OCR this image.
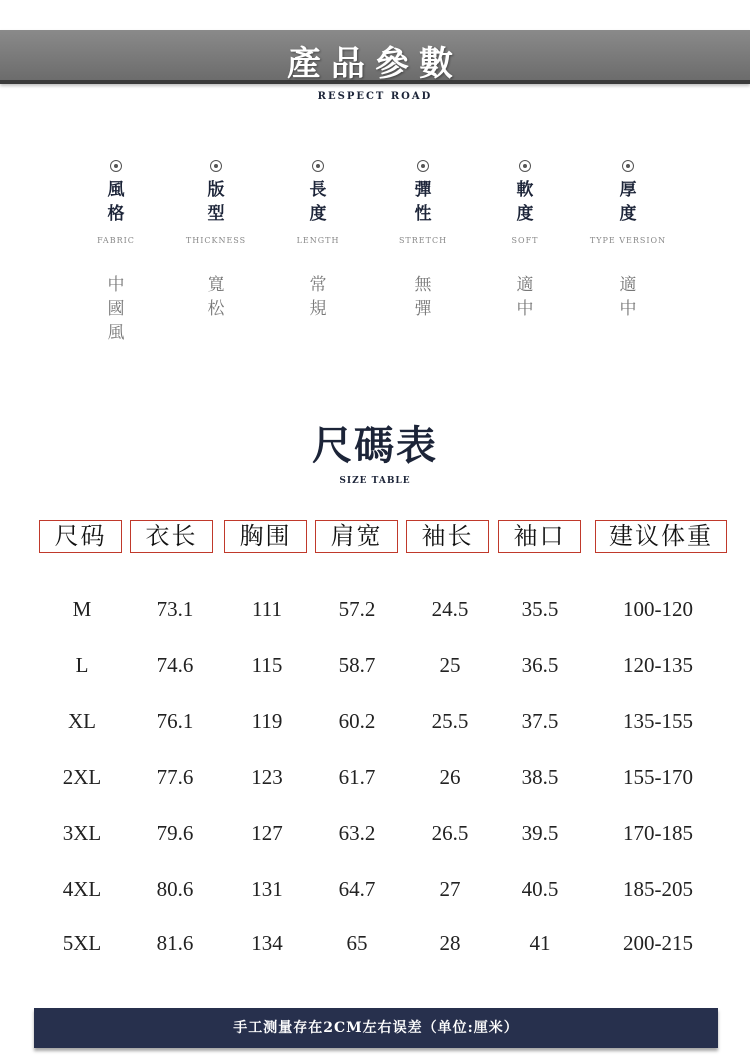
產品參數
RESPECT ROAD
風格
FABRIC
中國風
版型
THICKNESS
寬松
長度
LENGTH
常規
彈性
STRETCH
無彈
軟度
SOFT
適中
厚度
TYPE VERSION
適中
尺碼表
SIZE TABLE
尺码	衣长	胸围	肩宽	袖长	袖口	建议体重
M	73.1	111	57.2	24.5	35.5	100-120
L	74.6	115	58.7	25	36.5	120-135
XL	76.1	119	60.2	25.5	37.5	135-155
2XL	77.6	123	61.7	26	38.5	155-170
3XL	79.6	127	63.2	26.5	39.5	170-185
4XL	80.6	131	64.7	27	40.5	185-205
5XL	81.6	134	65	28	41	200-215
手工测量存在2CM左右误差（单位:厘米）
